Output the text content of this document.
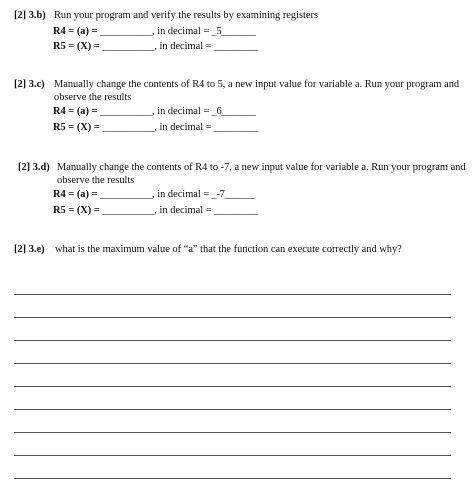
[2] 3.b) Run your program and verify the results by examining registers
R4 = (a) = __________, in decimal = _5_______
R5 = (X) = __________, in decimal = _________
[2] 3.c) Manually change the contents of R4 to 5, a new input value for variable a. Run your program and observe the results
R4 = (a) = __________, in decimal = _6_______
R5 = (X) = __________, in decimal = _________
[2] 3.d) Manually change the contents of R4 to -7, a new input value for variable a. Run your program and observe the results
R4 = (a) = __________, in decimal = _-7______
R5 = (X) = __________, in decimal = _________
[2] 3.e) what is the maximum value of “a” that the function can execute correctly and why?
